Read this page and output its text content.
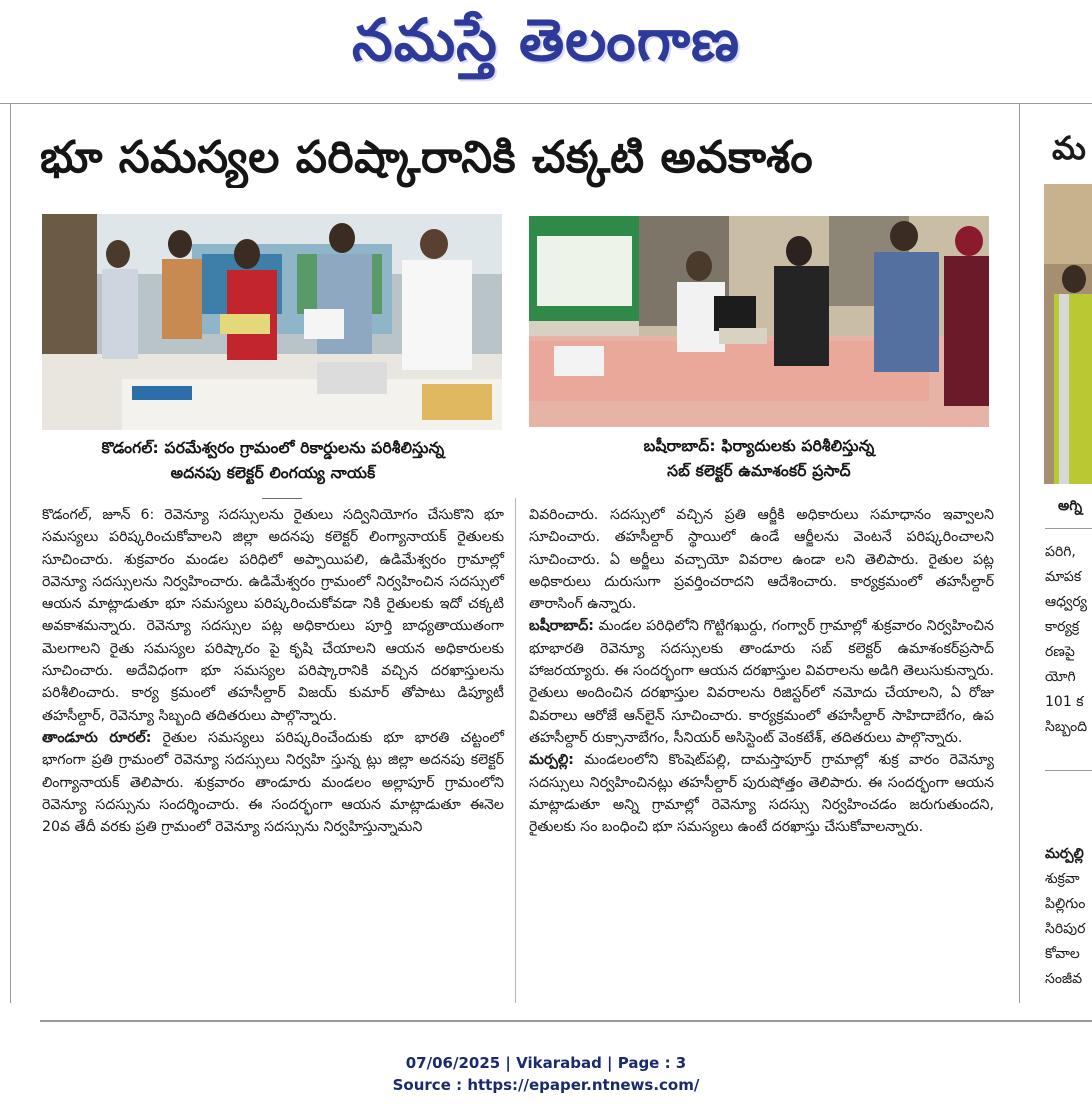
నమస్తే తెలంగాణ
భూ సమస్యల పరిష్కారానికి చక్కటి అవకాశం
కొడంగల్: పరమేశ్వరం గ్రామంలో రికార్డులను పరిశీలిస్తున్న
అదనపు కలెక్టర్ లింగయ్య నాయక్
బషీరాబాద్: ఫిర్యాదులకు పరిశీలిస్తున్న
సబ్ కలెక్టర్ ఉమాశంకర్ ప్రసాద్

కొడంగల్, జూన్ 6: రెవెన్యూ సదస్సులను రైతులు సద్వినియోగం చేసుకొని భూ సమస్యలు పరిష్కరించుకోవాలని జిల్లా అదనపు కలెక్టర్ లింగ్యానాయక్ రైతులకు సూచించారు. శుక్రవారం మండల పరిధిలో అప్పాయిపలి, ఉడిమేశ్వరం గ్రామాల్లో రెవెన్యూ సదస్సులను నిర్వహించారు. ఉడిమేశ్వరం గ్రామంలో నిర్వహించిన సదస్సులో ఆయన మాట్లాడుతూ భూ సమస్యలు పరిష్కరించుకోవడా నికి రైతులకు ఇదో చక్కటి అవకాశమన్నారు. రెవెన్యూ సదస్సుల పట్ల అధికారులు పూర్తి బాధ్యతాయుతంగా మెలగాలని రైతు సమస్యల పరిష్కారం పై కృషి చేయాలని ఆయన అధికారులకు సూచించారు. అదేవిధంగా భూ సమస్యల పరిష్కారానికి వచ్చిన దరఖాస్తులను పరిశీలించారు. కార్య క్రమంలో తహసీల్దార్ విజయ్ కుమార్ తోపాటు డిప్యూటీ తహసీల్దార్, రెవెన్యూ సిబ్బంది తదితరులు పాల్గొన్నారు.

తాండూరు రూరల్: రైతుల సమస్యలు పరిష్కరించేందుకు భూ భారతి చట్టంలో భాగంగా ప్రతి గ్రామంలో రెవెన్యూ సదస్సులు నిర్వహి స్తున్న ట్లు జిల్లా అదనపు కలెక్టర్ లింగ్యానాయక్ తెలిపారు. శుక్రవారం తాండూరు మండలం అల్లాపూర్ గ్రామంలోని రెవెన్యూ సదస్సును సందర్శించారు. ఈ సందర్భంగా ఆయన మాట్లాడుతూ ఈనెల 20వ తేదీ వరకు ప్రతి గ్రామంలో రెవెన్యూ సదస్సును నిర్వహిస్తున్నామని

వివరించారు. సదస్సులో వచ్చిన ప్రతి ఆర్జీకి అధికారులు సమాధానం ఇవ్వాలని సూచించారు. తహసీల్దార్ స్థాయిలో ఉండే ఆర్జీలను వెంటనే పరిష్కరించాలని సూచించారు. ఏ అర్జీలు వచ్చాయో వివరాల ఉండా లని తెలిపారు. రైతుల పట్ల అధికారులు దురుసుగా ప్రవర్తించరాదని ఆదేశించారు. కార్యక్రమంలో తహసీల్దార్ తారాసింగ్ ఉన్నారు.

బషీరాబాద్: మండల పరిధిలోని గొట్టిగఖుర్దు, గంగ్వార్ గ్రామాల్లో శుక్రవారం నిర్వహించిన భూభారతి రెవెన్యూ సదస్సులకు తాండూరు సబ్ కలెక్టర్ ఉమాశంకర్‌ప్రసాద్ హాజరయ్యారు. ఈ సందర్భంగా ఆయన దరఖాస్తుల వివరాలను అడిగి తెలుసుకున్నారు. రైతులు అందించిన దరఖాస్తుల వివరాలను రిజిస్టర్‌లో నమోదు చేయాలని, ఏ రోజు వివరాలు ఆరోజే ఆన్‌లైన్ సూచించారు. కార్యక్రమంలో తహసీల్దార్ సాహిదాబేగం, ఉప తహసీల్దార్ రుక్సానాబేగం, సీనియర్ అసిస్టెంట్ వెంకటేశ్, తదితరులు పాల్గొన్నారు.

మర్పల్లి: మండలంలోని కొంషెట్‌పల్లి, దామస్తాపూర్ గ్రామాల్లో శుక్ర వారం రెవెన్యూ సదస్సులు నిర్వహించినట్లు తహసీల్దార్ పురుషోత్తం తెలిపారు. ఈ సందర్భంగా ఆయన మాట్లాడుతూ అన్ని గ్రామాల్లో రెవెన్యూ సదస్సు నిర్వహించడం జరుగుతుందని, రైతులకు సం బంధించి భూ సమస్యలు ఉంటే దరఖాస్తు చేసుకోవాలన్నారు.

మ
అగ్ని
పరిగి,
మాపక
ఆధ్వర్య
కార్యక్ర
రణపై
యోగి
101 క
సిబ్బంది
మర్పల్లి
శుక్రవా
పిల్లిగుం
సిరిపుర
కోవాల
సంజీవ
07/06/2025 | Vikarabad | Page : 3
Source : https://epaper.ntnews.com/
